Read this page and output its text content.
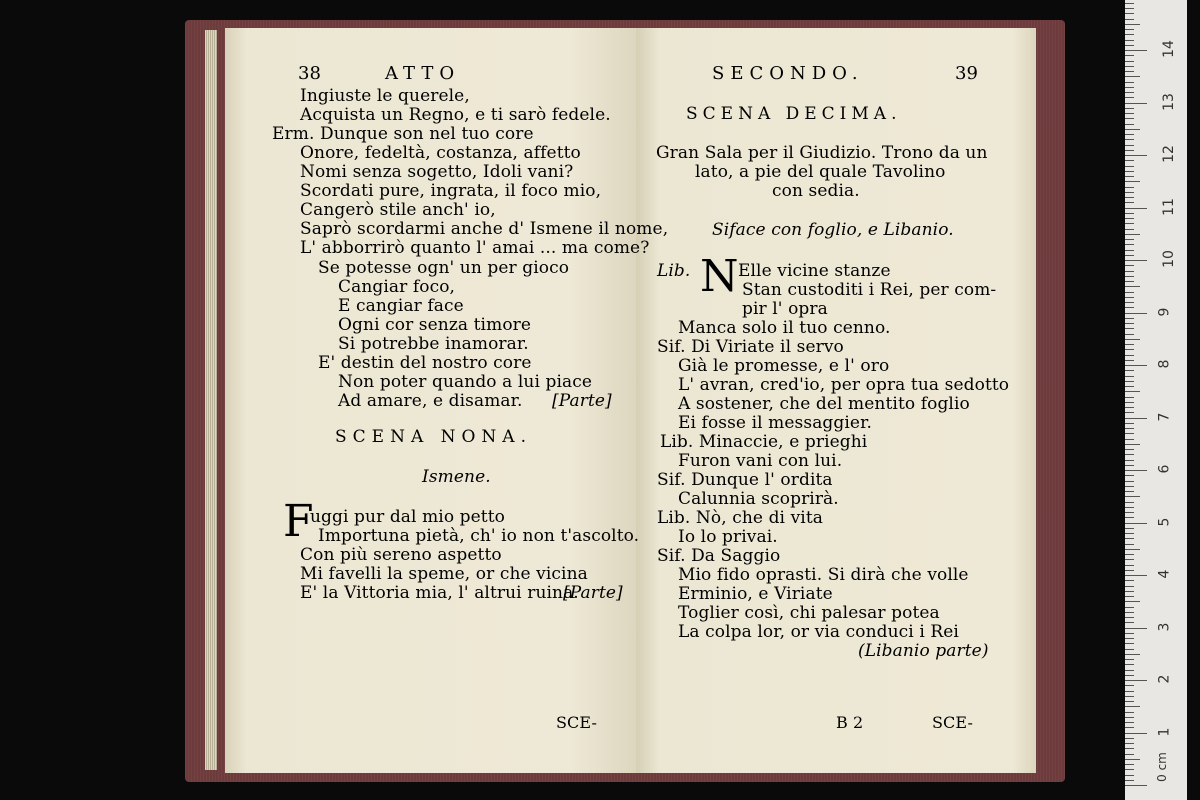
Ingiuste le querele,
Acquista un Regno, e ti sarò fedele.
Erm. Dunque son nel tuo core
Onore, fedeltà, costanza, affetto
Nomi senza sogetto, Idoli vani?
Scordati pure, ingrata, il foco mio,
Cangerò stile anch' io,
Saprò scordarmi anche d' Ismene il nome,
L' abborrirò quanto l' amai ... ma come?
Se potesse ogn' un per gioco
Cangiar foco,
E cangiar face
Ogni cor senza timore
Si potrebbe inamorar.
E' destin del nostro core
Non poter quando a lui piace
Ad amare, e disamar. [Parte]
uggi pur dal mio petto
Importuna pietà, ch' io non t'ascolto.
Con più sereno aspetto
Mi favelli la speme, or che vicina
E' la Vittoria mia, l' altrui ruina.
[Parte]
Gran Sala per il Giudizio. Trono da un
lato, a pie del quale Tavolino
con sedia.
Lib.	Elle vicine stanze
Stan custoditi i Rei, per com-
pir l' opra
Manca solo il tuo cenno.
Sif. Di Viriate il servo
Già le promesse, e l' oro
L' avran, cred'io, per opra tua sedotto
A sostener, che del mentito foglio
Ei fosse il messaggier.
Lib. Minaccie, e prieghi
Furon vani con lui.
Sif. Dunque l' ordita
Calunnia scoprirà.
Lib. Nò, che di vita
Io lo privai.
Sif. Da Saggio
Mio fido oprasti. Si dirà che volle
Erminio, e Viriate
Toglier così, chi palesar potea
La colpa lor, or via conduci i Rei
(Libanio parte)
38	ATTO
SCENA NONA.
Ismene.
F
SCE-
SECONDO.	39
SCENA DECIMA.
Siface con foglio, e Libanio.
N
B 2	SCE-
0 cm
1
2
3
4
5
6
7
8
9
10
11
12
13
14
